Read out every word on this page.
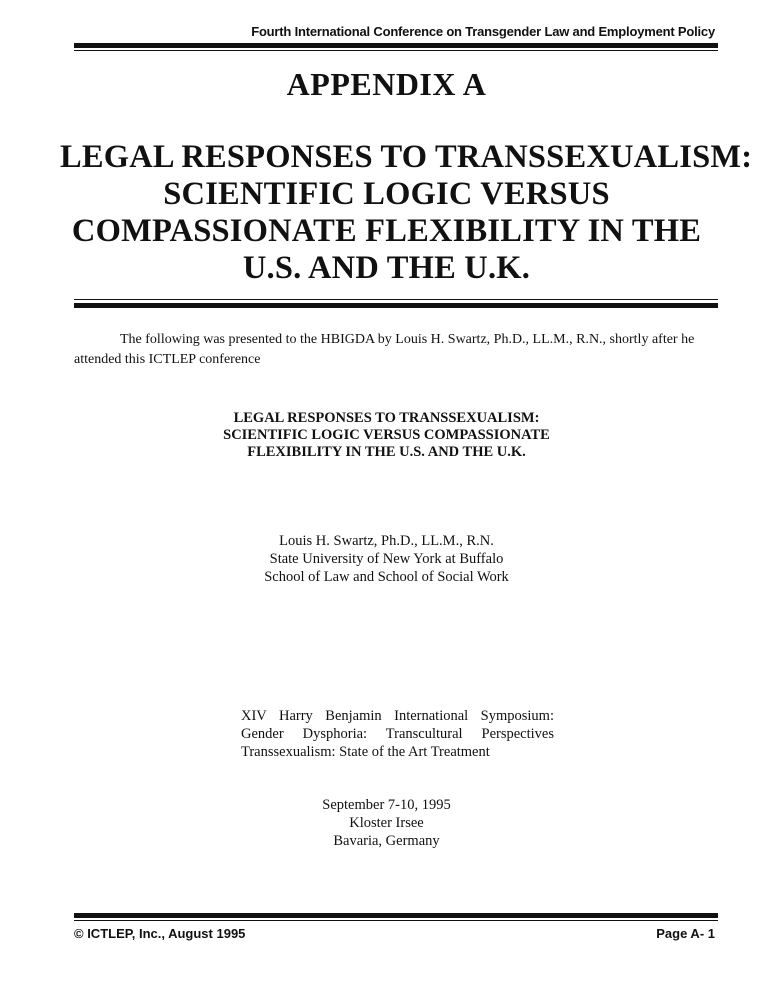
Fourth International Conference on Transgender Law and Employment Policy
APPENDIX A
LEGAL RESPONSES TO TRANSSEXUALISM:
SCIENTIFIC LOGIC VERSUS
COMPASSIONATE FLEXIBILITY IN THE
U.S. AND THE U.K.

The following was presented to the HBIGDA by Louis H. Swartz, Ph.D., LL.M., R.N., shortly after he attended this ICTLEP conference

LEGAL RESPONSES TO TRANSSEXUALISM:
SCIENTIFIC LOGIC VERSUS COMPASSIONATE
FLEXIBILITY IN THE U.S. AND THE U.K.
Louis H. Swartz, Ph.D., LL.M., R.N.
State University of New York at Buffalo
School of Law and School of Social Work
XIV Harry Benjamin International Symposium:
Gender Dysphoria: Transcultural Perspectives
Transsexualism: State of the Art Treatment
September 7-10, 1995
Kloster Irsee
Bavaria, Germany
© ICTLEP, Inc., August 1995	Page A- 1
